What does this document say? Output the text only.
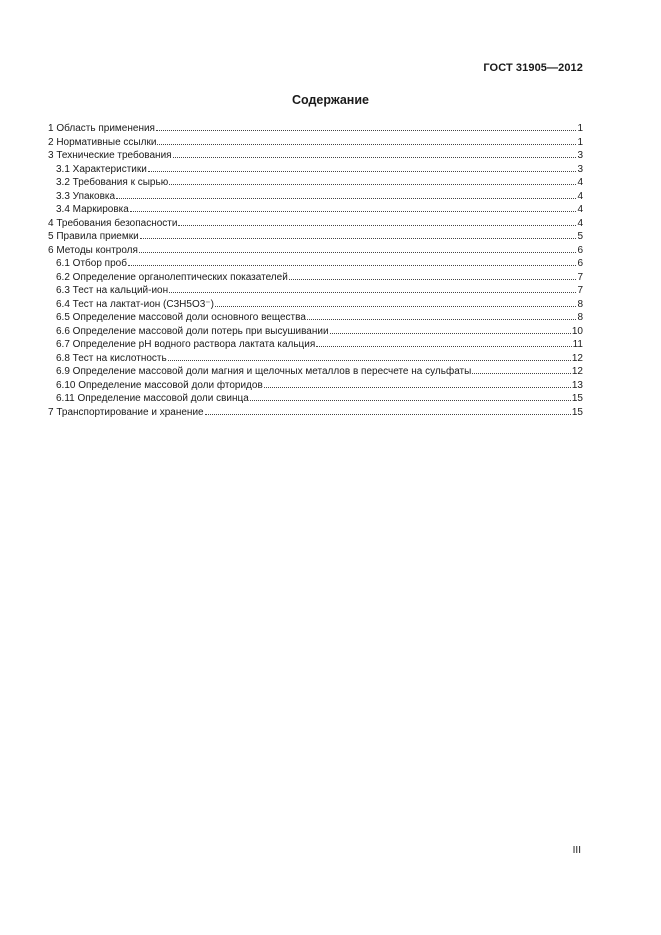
ГОСТ 31905—2012
Содержание
1 Область применения	1
2 Нормативные ссылки	1
3 Технические требования	3
3.1 Характеристики	3
3.2 Требования к сырью	4
3.3 Упаковка	4
3.4 Маркировка	4
4 Требования безопасности	4
5 Правила приемки	5
6 Методы контроля	6
6.1 Отбор проб	6
6.2 Определение органолептических показателей	7
6.3 Тест на кальций-ион	7
6.4 Тест на лактат-ион (C3H5O3⁻)	8
6.5 Определение массовой доли основного вещества	8
6.6 Определение массовой доли потерь при высушивании	10
6.7 Определение pH водного раствора лактата кальция	11
6.8 Тест на кислотность	12
6.9 Определение массовой доли магния и щелочных металлов в пересчете на сульфаты	12
6.10 Определение массовой доли фторидов	13
6.11 Определение массовой доли свинца	15
7 Транспортирование и хранение	15
III
